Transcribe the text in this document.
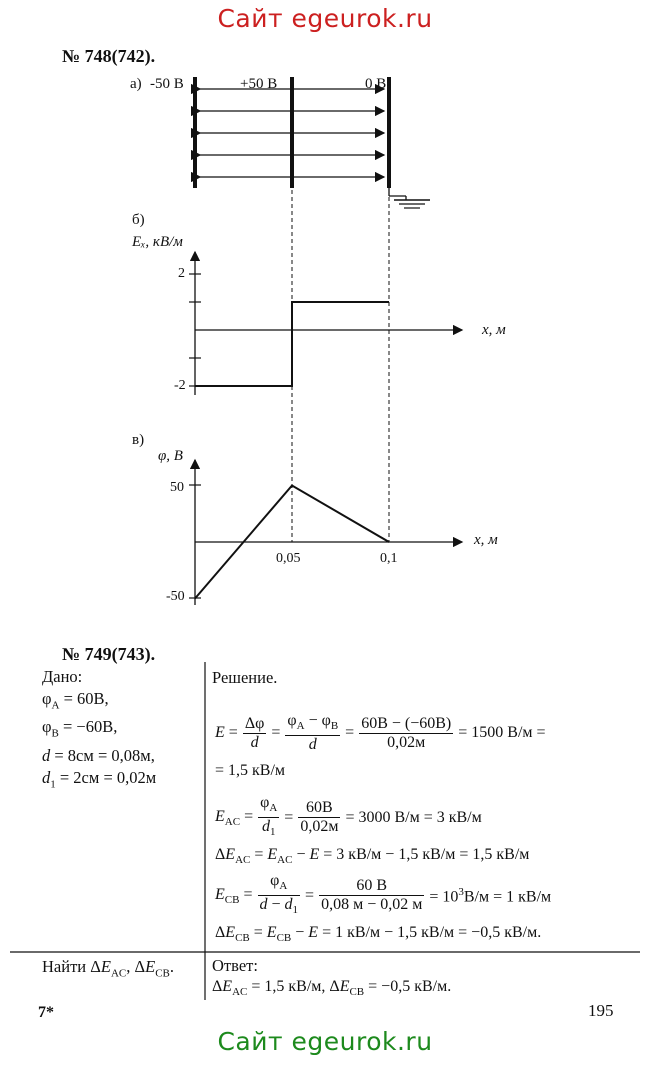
Сайт egeurok.ru
№ 748(742).
а) -50 В	+50 В	0 В
б)
Eₓ, кВ/м
x, м
2
-2
в)
φ, В
x, м
50
-50
0,05	0,1
№ 749(743).
Дано:
$\varphi_A = 60В$,
$\varphi_B = -60В$,
d = 8см = 0,08м,
$d_1 = 2см = 0,02м$
Решение.
$E = \frac{\Delta\varphi}{d} = \frac{\varphi_A - \varphi_B}{d} = \frac{60В - (-60В)}{0,02м} = 1500$ В/м =
= 1,5 кВ/м
$E_{AC} = \frac{\varphi_A}{d_1} = \frac{60В}{0,02м} = 3000$ В/м = 3 кВ/м
$\Delta E_{AC} = E_{AC} - E = 3$ кВ/м − 1,5 кВ/м = 1,5 кВ/м
$E_{CB} = \frac{\varphi_A}{d - d_1} = \frac{60 В}{0,08 м - 0,02 м} = 10^3В/м = 1$ кВ/м
$\Delta E_{CB} = E_{CB} - E = 1$ кВ/м − 1,5 кВ/м = −0,5 кВ/м.
Найти $\Delta E_{AC}$, $\Delta E_{CB}$. Ответ:
$\Delta E_{AC} = 1,5$ кВ/м, $\Delta E_{CB} = -0,5$ кВ/м.
7*	195
Сайт egeurok.ru
